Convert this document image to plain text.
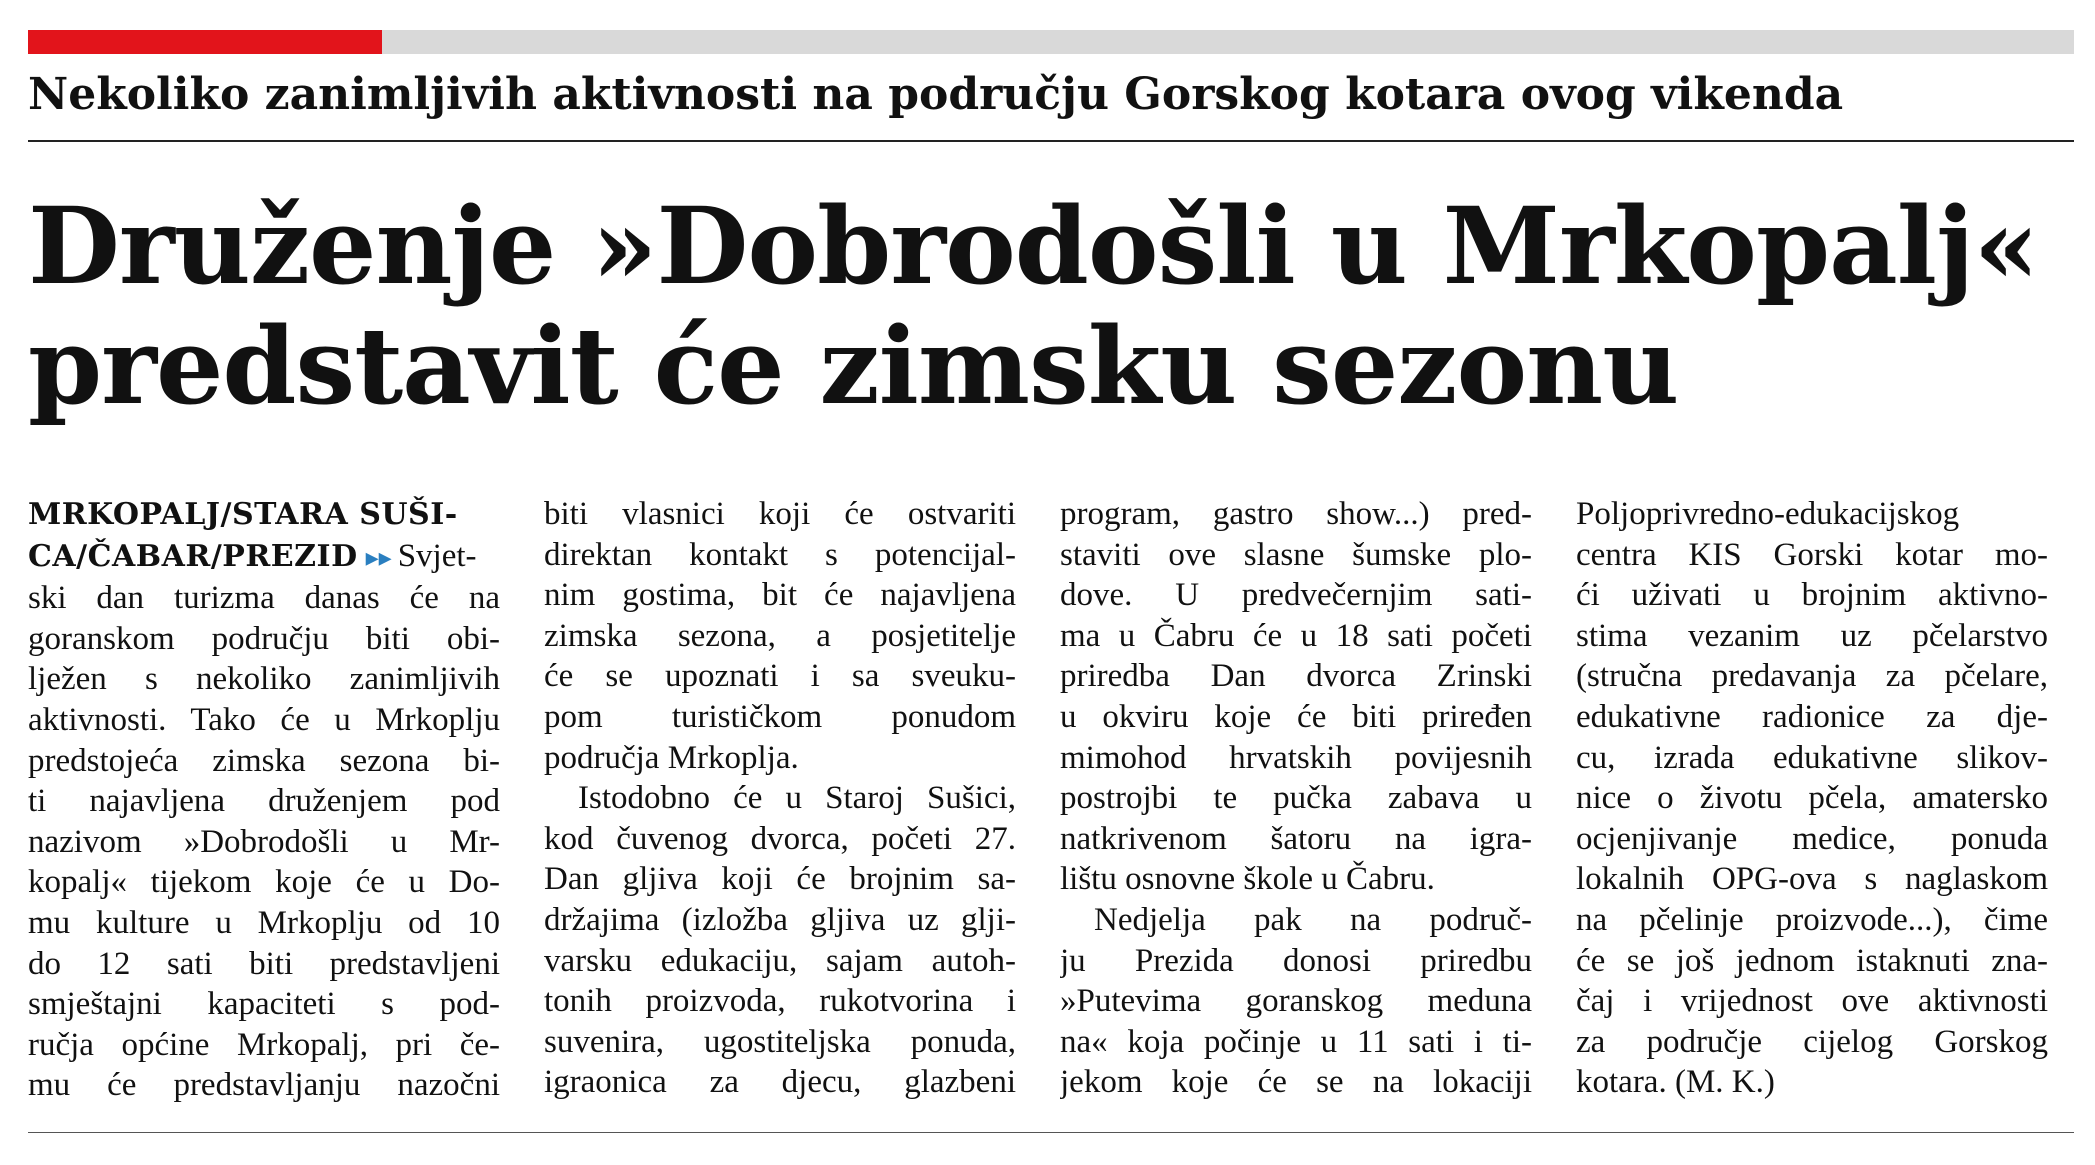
Nekoliko zanimljivih aktivnosti na području Gorskog kotara ovog vikenda
Druženje »Dobrodošli u Mrkopalj«
predstavit će zimsku sezonu
MRKOPALJ/STARA SUŠI-
CA/ČABAR/PREZID ▸▸ Svjet-
ski dan turizma danas će na
goranskom području biti obi-
lježen s nekoliko zanimljivih
aktivnosti. Tako će u Mrkoplju
predstojeća zimska sezona bi-
ti najavljena druženjem pod
nazivom »Dobrodošli u Mr-
kopalj« tijekom koje će u Do-
mu kulture u Mrkoplju od 10
do 12 sati biti predstavljeni
smještajni kapaciteti s pod-
ručja općine Mrkopalj, pri če-
mu će predstavljanju nazočni
biti vlasnici koji će ostvariti
direktan kontakt s potencijal-
nim gostima, bit će najavljena
zimska sezona, a posjetitelje
će se upoznati i sa sveuku-
pom turističkom ponudom
područja Mrkoplja.
Istodobno će u Staroj Sušici,
kod čuvenog dvorca, početi 27.
Dan gljiva koji će brojnim sa-
držajima (izložba gljiva uz glji-
varsku edukaciju, sajam autoh-
tonih proizvoda, rukotvorina i
suvenira, ugostiteljska ponuda,
igraonica za djecu, glazbeni
program, gastro show...) pred-
staviti ove slasne šumske plo-
dove. U predvečernjim sati-
ma u Čabru će u 18 sati početi
priredba Dan dvorca Zrinski
u okviru koje će biti priređen
mimohod hrvatskih povijesnih
postrojbi te pučka zabava u
natkrivenom šatoru na igra-
lištu osnovne škole u Čabru.
Nedjelja pak na područ-
ju Prezida donosi priredbu
»Putevima goranskog meduna
na« koja počinje u 11 sati i ti-
jekom koje će se na lokaciji
Poljoprivredno-edukacijskog
centra KIS Gorski kotar mo-
ći uživati u brojnim aktivno-
stima vezanim uz pčelarstvo
(stručna predavanja za pčelare,
edukativne radionice za dje-
cu, izrada edukativne slikov-
nice o životu pčela, amatersko
ocjenjivanje medice, ponuda
lokalnih OPG-ova s naglaskom
na pčelinje proizvode...), čime
će se još jednom istaknuti zna-
čaj i vrijednost ove aktivnosti
za područje cijelog Gorskog
kotara. (M. K.)
